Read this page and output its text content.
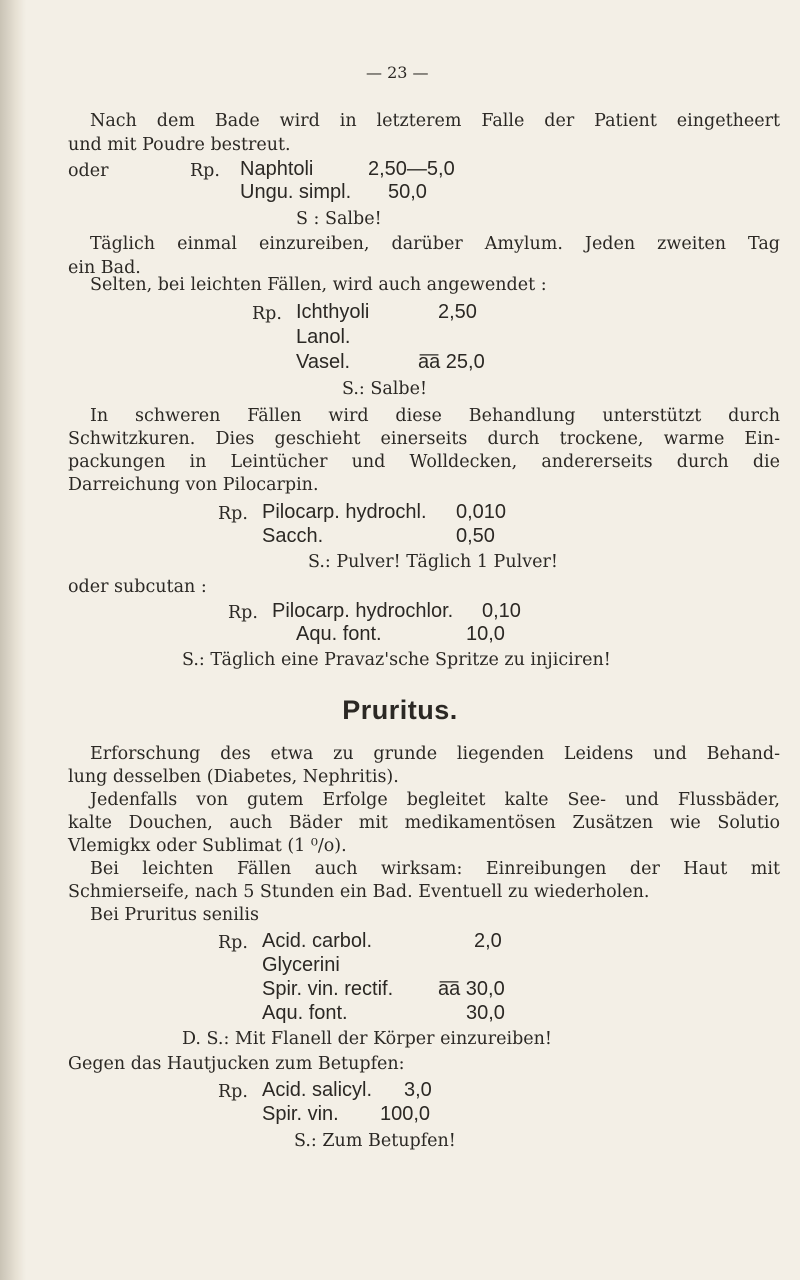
— 23 —
Nach dem Bade wird in letzterem Falle der Patient eingetheert
und mit Poudre bestreut.
oder	Rp. Naphtoli	2,50—5,0
Ungu. simpl. 50,0
S : Salbe!
Täglich einmal einzureiben, darüber Amylum. Jeden zweiten Tag
ein Bad.
Selten, bei leichten Fällen, wird auch angewendet :
Rp. Ichthyoli	2,50
Lanol.
Vasel.	a͞a 25,0
S.: Salbe!
In schweren Fällen wird diese Behandlung unterstützt durch
Schwitzkuren. Dies geschieht einerseits durch trockene, warme Ein-
packungen in Leintücher und Wolldecken, andererseits durch die
Darreichung von Pilocarpin.
Rp. Pilocarp. hydrochl. 0,010
Sacch.	0,50
S.: Pulver! Täglich 1 Pulver!
oder subcutan :
Rp. Pilocarp. hydrochlor. 0,10
Aqu. font.	10,0
S.: Täglich eine Pravaz'sche Spritze zu injiciren!
Pruritus.
Erforschung des etwa zu grunde liegenden Leidens und Behand-
lung desselben (Diabetes, Nephritis).
Jedenfalls von gutem Erfolge begleitet kalte See- und Flussbäder,
kalte Douchen, auch Bäder mit medikamentösen Zusätzen wie Solutio
Vlemigkx oder Sublimat (1 ⁰/o).
Bei leichten Fällen auch wirksam: Einreibungen der Haut mit
Schmierseife, nach 5 Stunden ein Bad. Eventuell zu wiederholen.
Bei Pruritus senilis
Rp. Acid. carbol.	2,0
Glycerini
Spir. vin. rectif. a͞a 30,0
Aqu. font.	30,0
D. S.: Mit Flanell der Körper einzureiben!
Gegen das Hautjucken zum Betupfen:
Rp. Acid. salicyl. 3,0
Spir. vin. 100,0
S.: Zum Betupfen!
